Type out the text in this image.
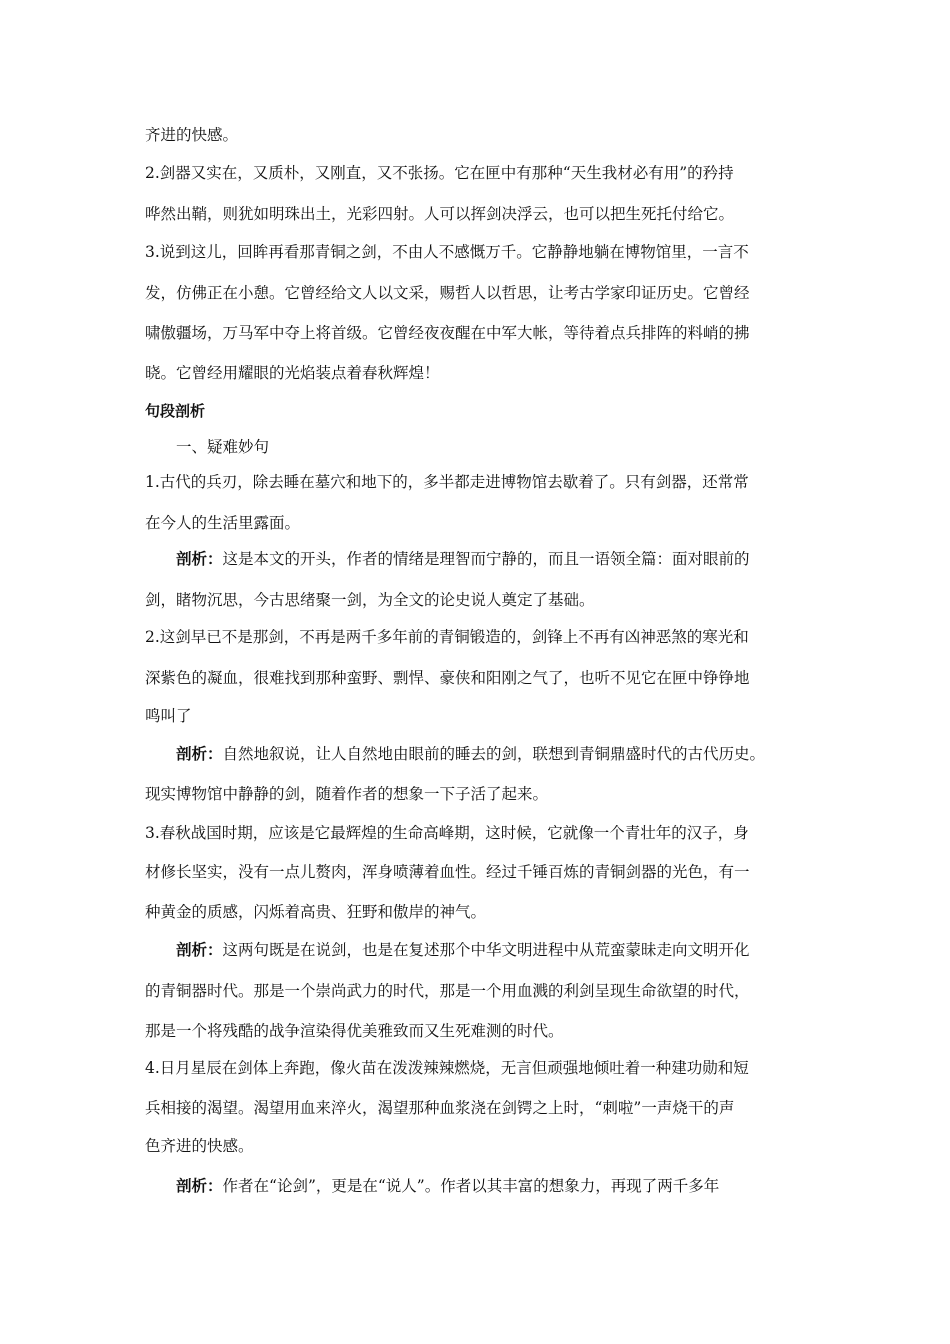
齐进的快感。
2.剑器又实在，又质朴，又刚直，又不张扬。它在匣中有那种“天生我材必有用”的矜持
哗然出鞘，则犹如明珠出土，光彩四射。人可以挥剑决浮云，也可以把生死托付给它。
3.说到这儿，回眸再看那青铜之剑，不由人不感慨万千。它静静地躺在博物馆里，一言不
发，仿佛正在小憩。它曾经给文人以文采，赐哲人以哲思，让考古学家印证历史。它曾经
啸傲疆场，万马军中夺上将首级。它曾经夜夜醒在中军大帐，等待着点兵排阵的料峭的拂
晓。它曾经用耀眼的光焰装点着春秋辉煌！
句段剖析
一、疑难妙句
1.古代的兵刃，除去睡在墓穴和地下的，多半都走进博物馆去歇着了。只有剑器，还常常
在今人的生活里露面。
剖析：这是本文的开头，作者的情绪是理智而宁静的，而且一语领全篇：面对眼前的
剑，睹物沉思，今古思绪聚一剑，为全文的论史说人奠定了基础。
2.这剑早已不是那剑，不再是两千多年前的青铜锻造的，剑锋上不再有凶神恶煞的寒光和
深紫色的凝血，很难找到那种蛮野、剽悍、豪侠和阳刚之气了，也听不见它在匣中铮铮地
鸣叫了
剖析：自然地叙说，让人自然地由眼前的睡去的剑，联想到青铜鼎盛时代的古代历史。
现实博物馆中静静的剑，随着作者的想象一下子活了起来。
3.春秋战国时期，应该是它最辉煌的生命高峰期，这时候，它就像一个青壮年的汉子，身
材修长坚实，没有一点儿赘肉，浑身喷薄着血性。经过千锤百炼的青铜剑器的光色，有一
种黄金的质感，闪烁着高贵、狂野和傲岸的神气。
剖析：这两句既是在说剑，也是在复述那个中华文明进程中从荒蛮蒙昧走向文明开化
的青铜器时代。那是一个崇尚武力的时代，那是一个用血溅的利剑呈现生命欲望的时代，
那是一个将残酷的战争渲染得优美雅致而又生死难测的时代。
4.日月星辰在剑体上奔跑，像火苗在泼泼辣辣燃烧，无言但顽强地倾吐着一种建功勋和短
兵相接的渴望。渴望用血来淬火，渴望那种血浆浇在剑锷之上时，“刺啦”一声烧干的声
色齐进的快感。
剖析：作者在“论剑”，更是在“说人”。作者以其丰富的想象力，再现了两千多年
